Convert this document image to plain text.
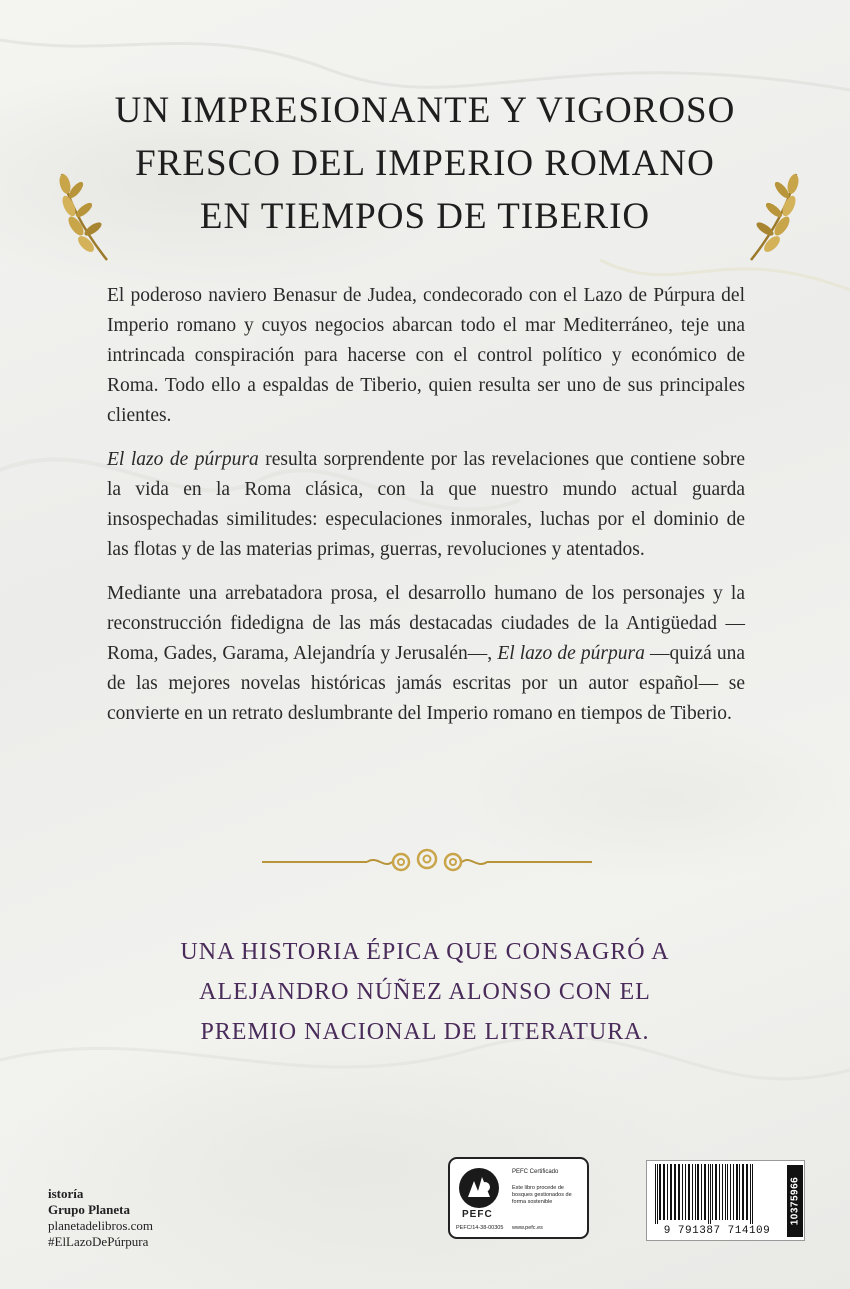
UN IMPRESIONANTE Y VIGOROSO
FRESCO DEL IMPERIO ROMANO
EN TIEMPOS DE TIBERIO

El poderoso naviero Benasur de Judea, condecorado con el Lazo de Púrpura del Imperio romano y cuyos negocios abarcan todo el mar Mediterráneo, teje una intrincada conspiración para hacerse con el control político y económico de Roma. Todo ello a espaldas de Tiberio, quien resulta ser uno de sus principales clientes.

El lazo de púrpura resulta sorprendente por las revelaciones que contiene sobre la vida en la Roma clásica, con la que nuestro mundo actual guarda insospechadas similitudes: especulaciones inmorales, luchas por el dominio de las flotas y de las materias primas, guerras, revoluciones y atentados.

Mediante una arrebatadora prosa, el desarrollo humano de los personajes y la reconstrucción fidedigna de las más destacadas ciudades de la Antigüedad —Roma, Gades, Garama, Alejandría y Jerusalén—, El lazo de púrpura —quizá una de las mejores novelas históricas jamás escritas por un autor español— se convierte en un retrato deslumbrante del Imperio romano en tiempos de Tiberio.

UNA HISTORIA ÉPICA QUE CONSAGRÓ A
ALEJANDRO NÚÑEZ ALONSO CON EL
PREMIO NACIONAL DE LITERATURA.
istoría
Grupo Planeta
planetadelibros.com
#ElLazoDePúrpura
PEFC
PEFC/14-38-00305
PEFC Certificado
Este libro procede de bosques gestionados de forma sostenible
www.pefc.es	9 791387 714109
10375966
